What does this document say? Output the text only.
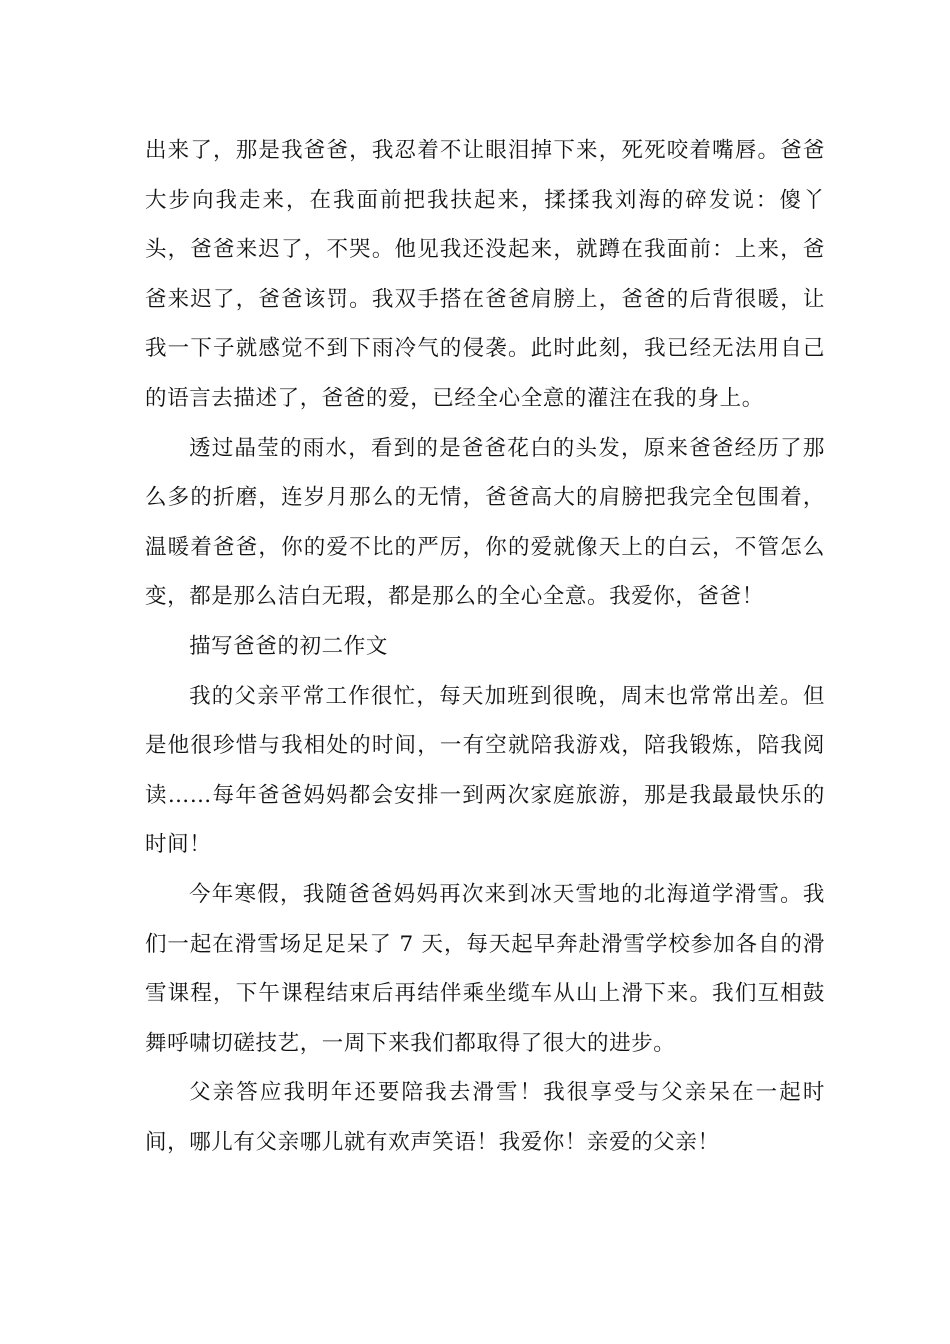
出来了，那是我爸爸，我忍着不让眼泪掉下来，死死咬着嘴唇。爸爸大步向我走来，在我面前把我扶起来，揉揉我刘海的碎发说：傻丫头，爸爸来迟了，不哭。他见我还没起来，就蹲在我面前：上来，爸爸来迟了，爸爸该罚。我双手搭在爸爸肩膀上，爸爸的后背很暖，让我一下子就感觉不到下雨冷气的侵袭。此时此刻，我已经无法用自己的语言去描述了，爸爸的爱，已经全心全意的灌注在我的身上。

透过晶莹的雨水，看到的是爸爸花白的头发，原来爸爸经历了那么多的折磨，连岁月那么的无情，爸爸高大的肩膀把我完全包围着，温暖着爸爸，你的爱不比的严厉，你的爱就像天上的白云，不管怎么变，都是那么洁白无瑕，都是那么的全心全意。我爱你，爸爸！

描写爸爸的初二作文

我的父亲平常工作很忙，每天加班到很晚，周末也常常出差。但是他很珍惜与我相处的时间，一有空就陪我游戏，陪我锻炼，陪我阅读……每年爸爸妈妈都会安排一到两次家庭旅游，那是我最最快乐的时间！

今年寒假，我随爸爸妈妈再次来到冰天雪地的北海道学滑雪。我们一起在滑雪场足足呆了 7 天，每天起早奔赴滑雪学校参加各自的滑雪课程，下午课程结束后再结伴乘坐缆车从山上滑下来。我们互相鼓舞呼啸切磋技艺，一周下来我们都取得了很大的进步。

父亲答应我明年还要陪我去滑雪！我很享受与父亲呆在一起时间，哪儿有父亲哪儿就有欢声笑语！我爱你！亲爱的父亲！
